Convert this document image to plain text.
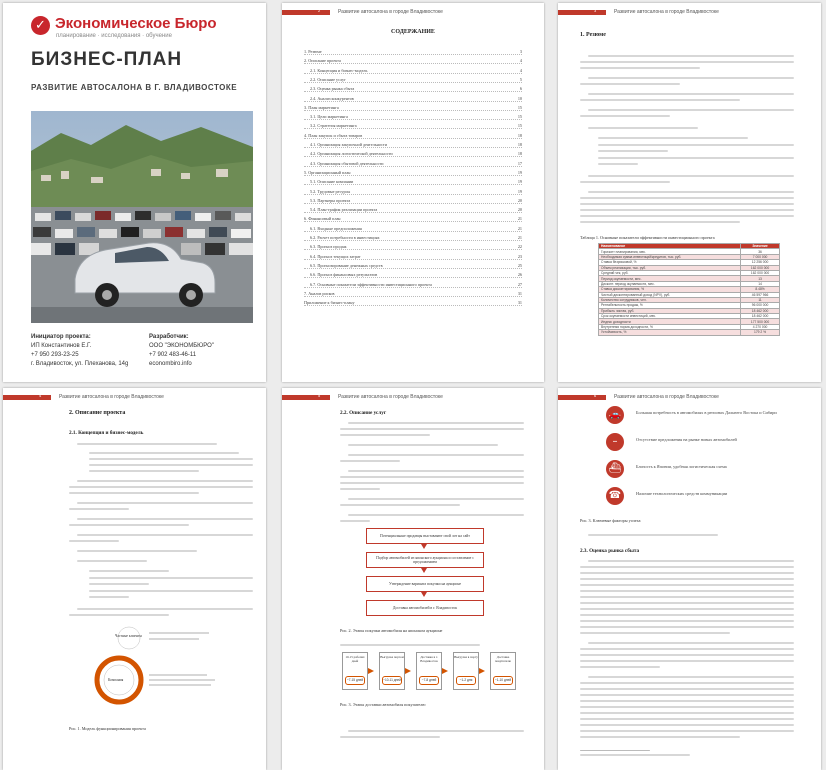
✓ Экономическое Бюро
планирование · исследования · обучение
БИЗНЕС-ПЛАН
РАЗВИТИЕ АВТОСАЛОНА В Г. ВЛАДИВОСТОКЕ
Инициатор проекта:
ИП Константинов Е.Г.
+7 950 293-23-25
г. Владивосток, ул. Плеханова, 14g
Разработчик:
ООО "ЭКОНОМБЮРО"
+7 902 483-46-11
econombiro.info
2	Развитие автосалона в городе Владивостоке
СОДЕРЖАНИЕ
1. Резюме	3
2. Описание проекта	4
2.1. Концепция и бизнес-модель	4
2.2. Описание услуг	5
2.3. Оценка рынка сбыта	6
2.4. Анализ конкурентов	10
3. План маркетинга	15
3.1. Цели маркетинга	15
3.2. Стратегия маркетинга	15
4. План закупок и сбыта товаров	18
4.1. Организация закупочной деятельности	18
4.2. Организация логистической деятельности	18
4.3. Организация сбытовой деятельности	17
5. Организационный план	19
5.1. Описание компании	19
5.2. Трудовые ресурсы	19
5.3. Партнеры проекта	20
5.4. План-график реализации проекта	20
6. Финансовый план	21
6.1. Входные предположения	21
6.2. Расчет потребности в инвестициях	21
6.3. Прогноз продаж	22
6.4. Прогноз текущих затрат	23
6.5. Прогнозирование денежных средств	25
6.6. Прогноз финансовых результатов	26
6.7. Основные показатели эффективности инвестиционного проекта	27
7. Анализ рисков	31
Приложение к бизнес-плану	31
3	Развитие автосалона в городе Владивостоке
1. Резюме
Таблица 1. Основные показатели эффективности инвестиционного проекта
Наименование	Значение
Горизонт планирования, мес.	36
Необходимая сумма инвестиций/кредитов, тыс. руб.	7 000 000
Ставка безрисковой, %	12 256 000
Объем реализации, тыс. руб.	162 000 000
Средний чек, руб.	162 000 000
Период окупаемости, мес.	13
Дисконт. период окупаемости, мес.	14
Ставка дисконтирования, %	8.48%
Чистый дисконтированный доход (NPV), руб.	46 597 966
Количество сотрудников, чел.	11
Рентабельность продаж, %	96 000 000
Прибыль чистая, руб.	18 462 000
Срок окупаемости инвестиций, мес.	18 462 000
Индекс доходности	177 500 000
Внутренняя норма доходности, %	4 270 000
Устойчивость, %	179 2 %
4	Развитие автосалона в городе Владивостоке
2. Описание проекта
2.1. Концепция и бизнес-модель
Частные клиенты
Компания
Рис. 1. Модель функционирования проекта
5	Развитие автосалона в городе Владивостоке
2.2. Описание услуг
Рис. 2. Этапы покупки автомобиля на японском аукционе
Рис. 3. Этапы доставки автомобиля покупателю
Потенциальные продавцы выставляют свой лот на сайт
Подбор автомобилей из японского аукциона и составление с предложением
Утверждение варианта покупки на аукционе
Доставка автомобилей в г. Владивосток
10-15 рабочих дней
~7-15 дней
Выгрузка портом
~10-11 дней
Доставка в г. Владивосток
~7-8 дней
Выгрузка в порту
~1-2 дня
Доставка покупателю
~1-10 дней
6	Развитие автосалона в городе Владивостоке
Рис. 3. Ключевые факторы успеха
2.3. Оценка рынка сбыта
🚗	Большая потребность в автомобилях в регионах Дальнего Востока и Сибири
–	Отсутствие предложения на рынке новых автомобилей
⛴	Близость к Японии, удобная логистическая схема
☎	Наличие технологических средств коммуникации
